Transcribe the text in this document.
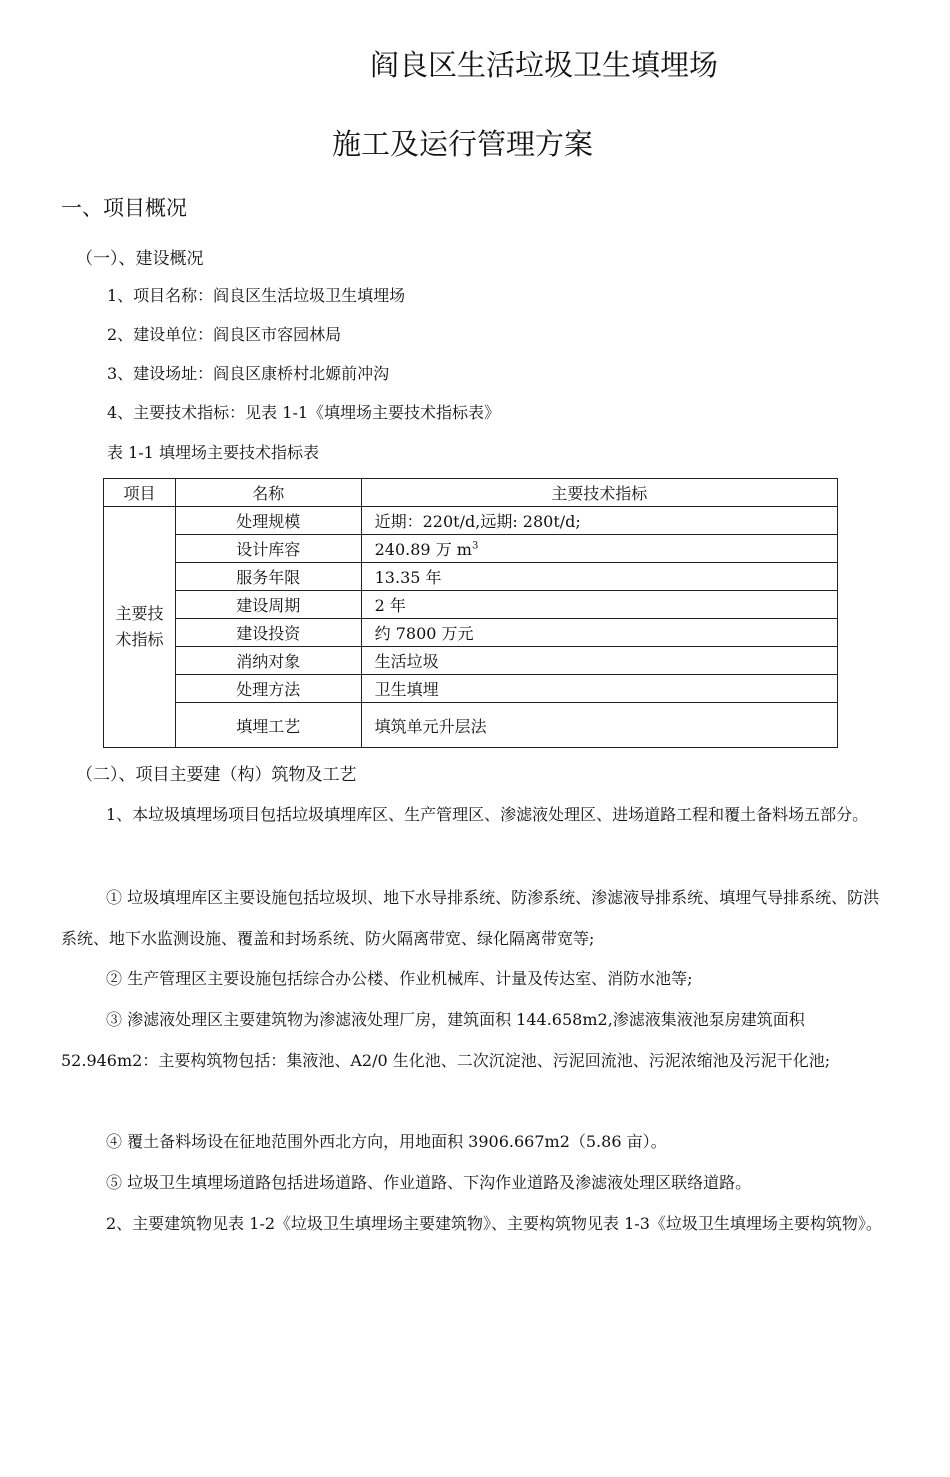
阎良区生活垃圾卫生填埋场
施工及运行管理方案
一、项目概况
（一）、建设概况
1、项目名称：阎良区生活垃圾卫生填埋场
2、建设单位：阎良区市容园林局
3、建设场址：阎良区康桥村北嫄前冲沟
4、主要技术指标：见表 1-1《填埋场主要技术指标表》
表 1-1 填埋场主要技术指标表
项目	名称	主要技术指标
主要技
术指标	处理规模	近期：220t/d,远期: 280t/d;
	设计库容	240.89 万 $m^3$
	服务年限	13.35 年
	建设周期	2 年
	建设投资	约 7800 万元
	消纳对象	生活垃圾
	处理方法	卫生填埋
	填埋工艺	填筑单元升层法
（二）、项目主要建（构）筑物及工艺
1、本垃圾填埋场项目包括垃圾填埋库区、生产管理区、渗滤液处理区、进场道路工程和覆土备料场五部分。
① 垃圾填埋库区主要设施包括垃圾坝、地下水导排系统、防渗系统、渗滤液导排系统、填埋气导排系统、防洪系统、地下水监测设施、覆盖和封场系统、防火隔离带宽、绿化隔离带宽等;
② 生产管理区主要设施包括综合办公楼、作业机械库、计量及传达室、消防水池等;
③ 渗滤液处理区主要建筑物为渗滤液处理厂房，建筑面积 144.658m2,渗滤液集液池泵房建筑面积 52.946m2：主要构筑物包括：集液池、A2/0 生化池、二次沉淀池、污泥回流池、污泥浓缩池及污泥干化池;
④ 覆土备料场设在征地范围外西北方向，用地面积 3906.667m2（5.86 亩）。
⑤ 垃圾卫生填埋场道路包括进场道路、作业道路、下沟作业道路及渗滤液处理区联络道路。
2、主要建筑物见表 1-2《垃圾卫生填埋场主要建筑物》、主要构筑物见表 1-3《垃圾卫生填埋场主要构筑物》。
